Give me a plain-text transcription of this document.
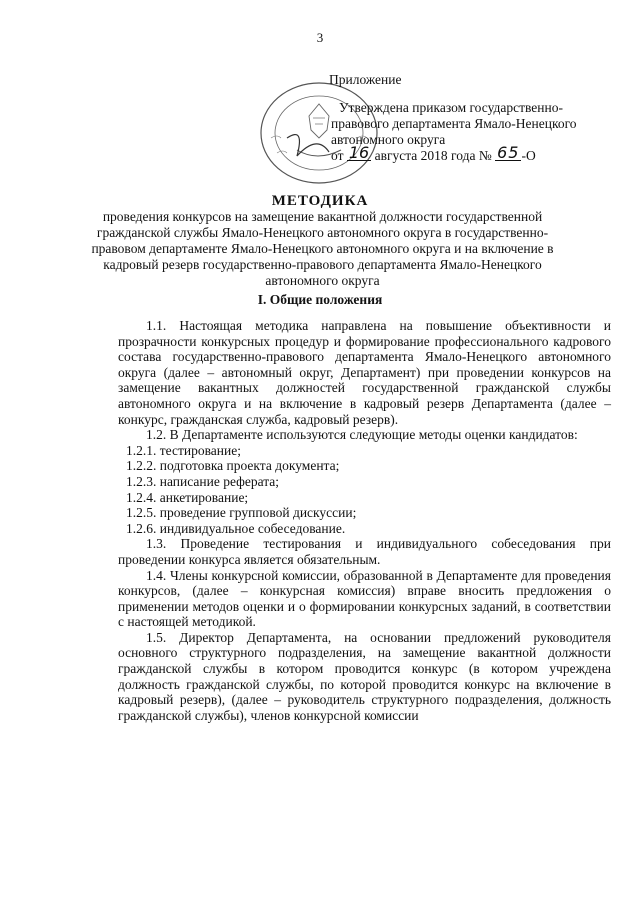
3
Приложение
Утверждена приказом государственно-
правового департамента Ямало-Ненецкого
автономного округа
от 16 августа 2018 года № 65 -О
МЕТОДИКА
проведения конкурсов на замещение вакантной должности государственной гражданской службы Ямало-Ненецкого автономного округа в государственно-правовом департаменте Ямало-Ненецкого автономного округа и на включение в кадровый резерв государственно-правового департамента Ямало-Ненецкого автономного округа
I. Общие положения

1.1. Настоящая методика направлена на повышение объективности и прозрачности конкурсных процедур и формирование профессионального кадрового состава государственно-правового департамента Ямало-Ненецкого автономного округа (далее – автономный округ, Департамент) при проведении конкурсов на замещение вакантных должностей государственной гражданской службы автономного округа и на включение в кадровый резерв Департамента (далее – конкурс, гражданская служба, кадровый резерв).

1.2. В Департаменте используются следующие методы оценки кандидатов:

1.2.1. тестирование;

1.2.2. подготовка проекта документа;

1.2.3. написание реферата;

1.2.4. анкетирование;

1.2.5. проведение групповой дискуссии;

1.2.6. индивидуальное собеседование.

1.3. Проведение тестирования и индивидуального собеседования при проведении конкурса является обязательным.

1.4. Члены конкурсной комиссии, образованной в Департаменте для проведения конкурсов, (далее – конкурсная комиссия) вправе вносить предложения о применении методов оценки и о формировании конкурсных заданий, в соответствии с настоящей методикой.

1.5. Директор Департамента, на основании предложений руководителя основного структурного подразделения, на замещение вакантной должности гражданской службы в котором проводится конкурс (в котором учреждена должность гражданской службы, по которой проводится конкурс на включение в кадровый резерв), (далее – руководитель структурного подразделения, должность гражданской службы), членов конкурсной комиссии
